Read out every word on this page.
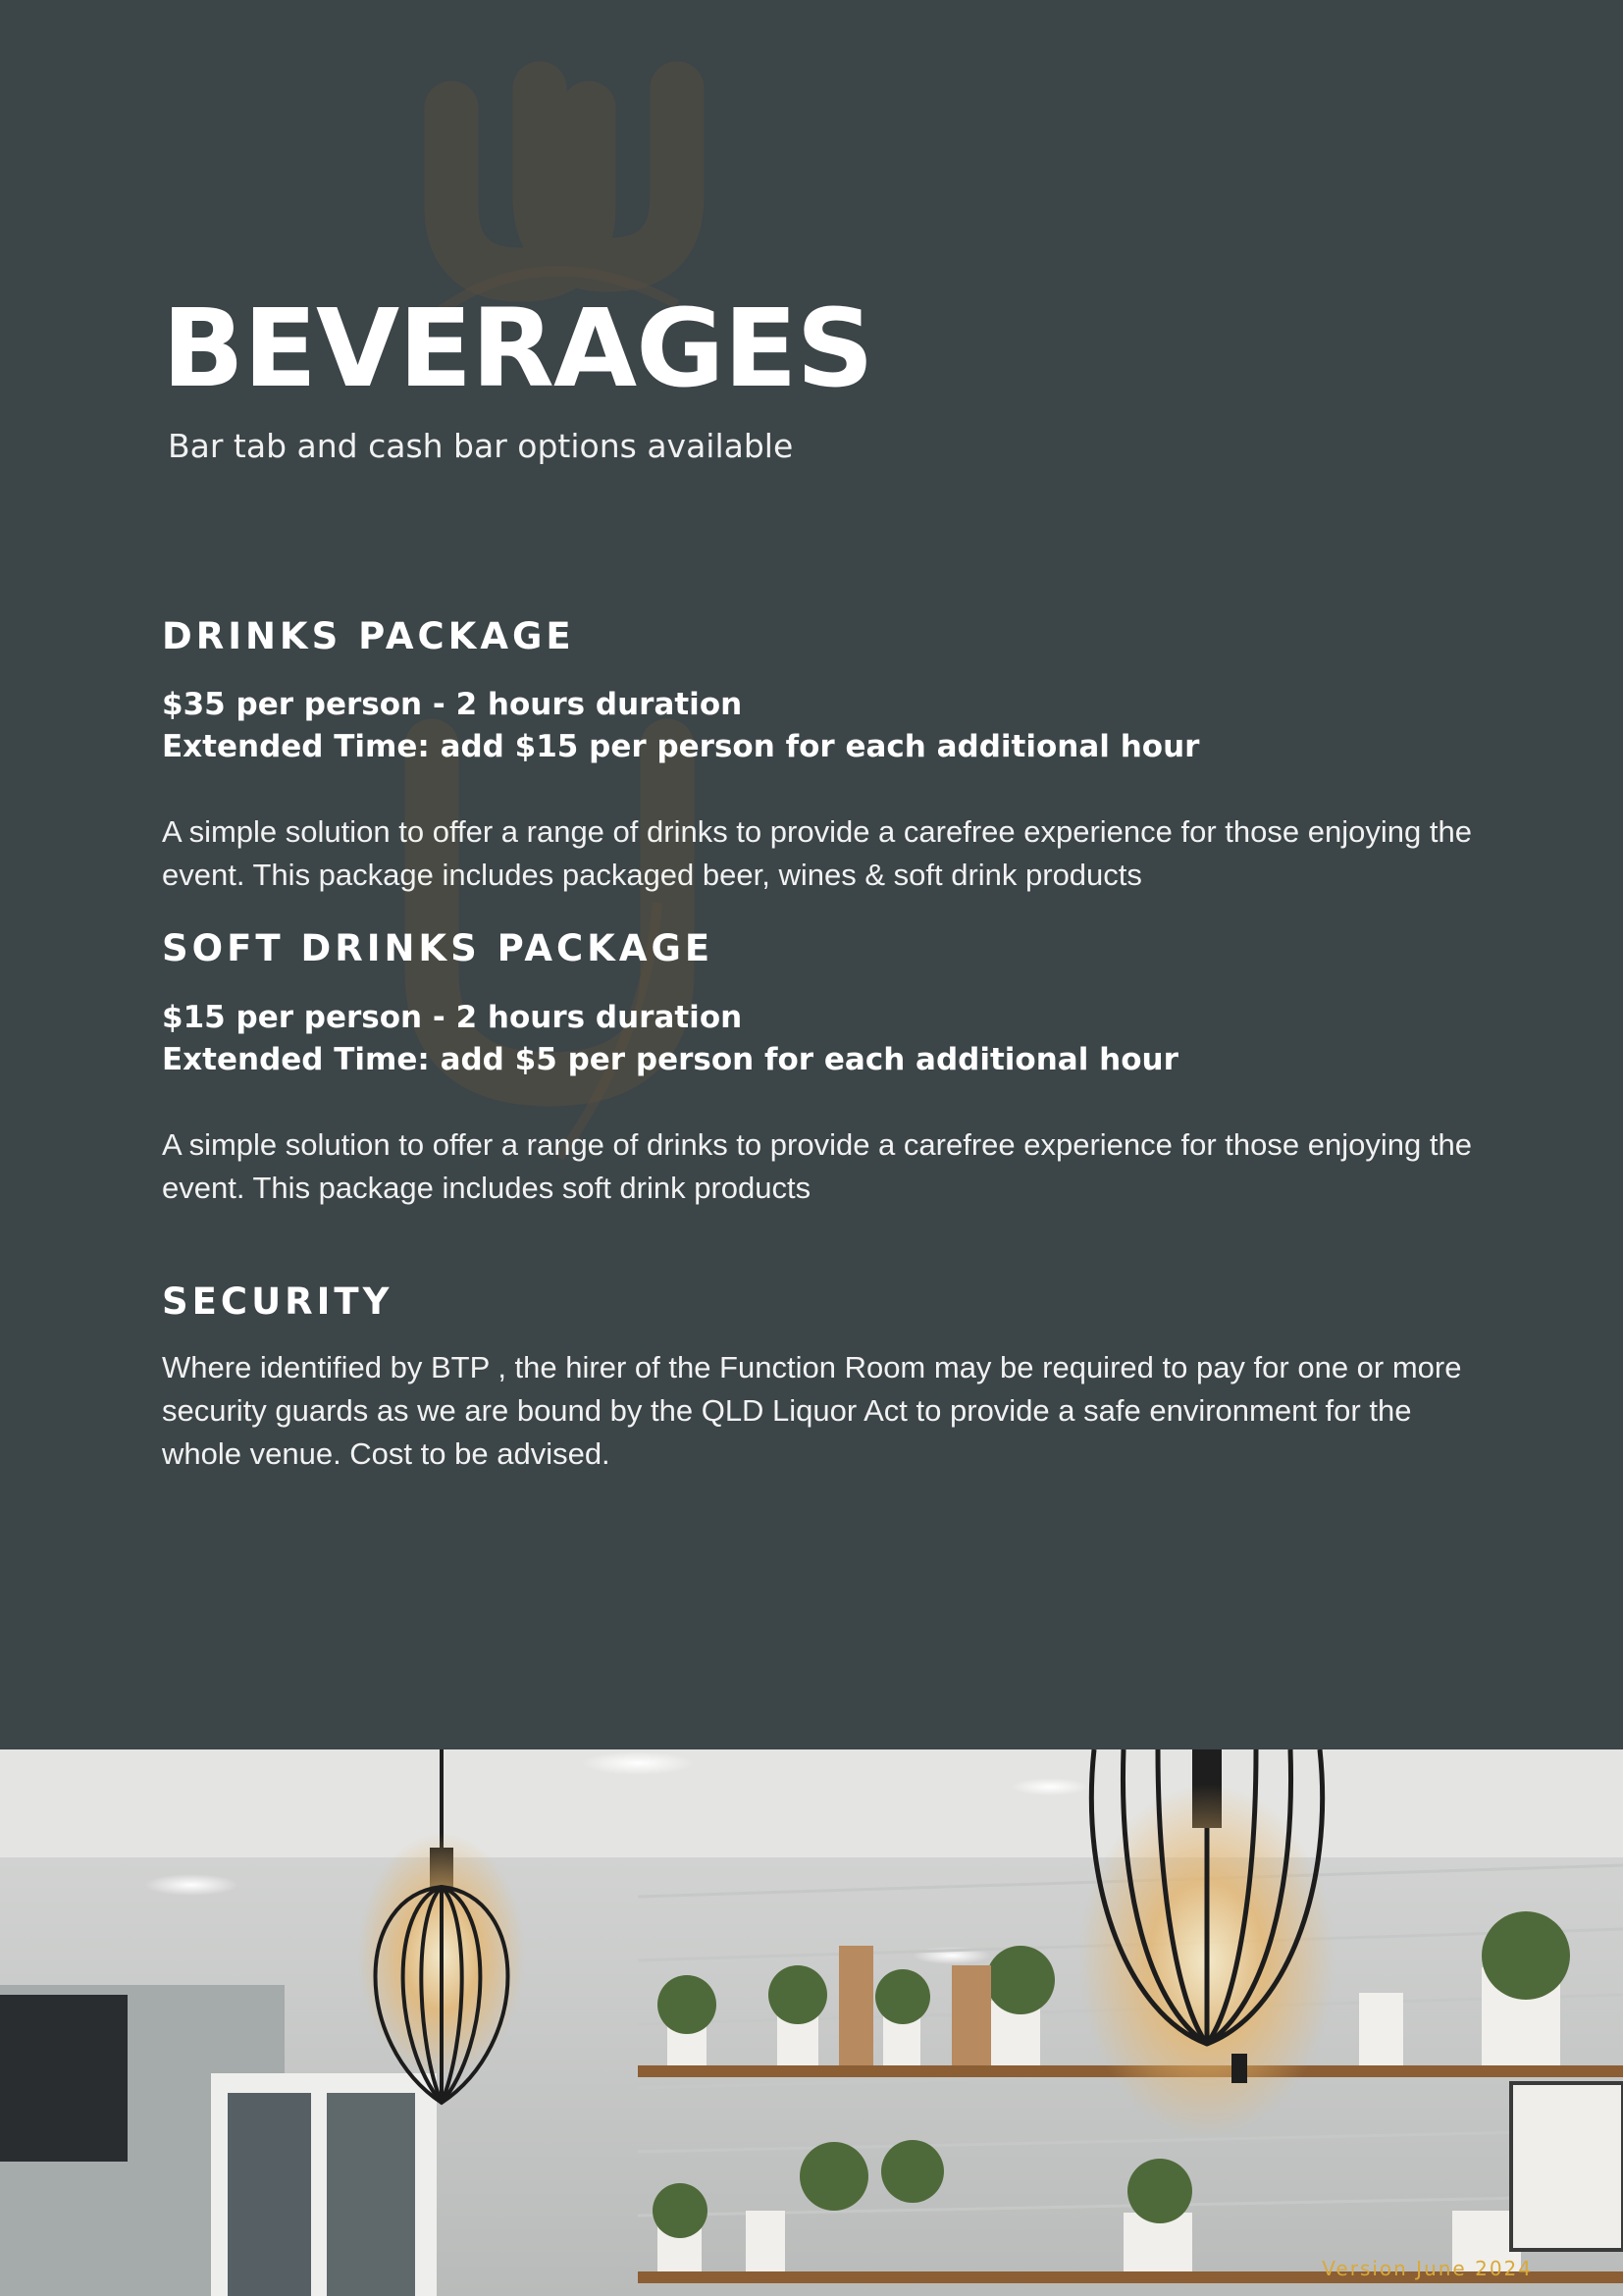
BEVERAGES

Bar tab and cash bar options available

DRINKS PACKAGE

$35 per person - 2 hours duration

Extended Time: add $15 per person for each additional hour

A simple solution to offer a range of drinks to provide a carefree experience for those enjoying the event. This package includes packaged beer, wines & soft drink products

SOFT DRINKS PACKAGE

$15 per person - 2 hours duration

Extended Time: add $5 per person for each additional hour

A simple solution to offer a range of drinks to provide a carefree experience for those enjoying the event. This package includes soft drink products

SECURITY

Where identified by BTP , the hirer of the Function Room may be required to pay for one or more security guards as we are bound by the QLD Liquor Act to provide a safe environment for the whole venue. Cost to be advised.

Version June 2024
